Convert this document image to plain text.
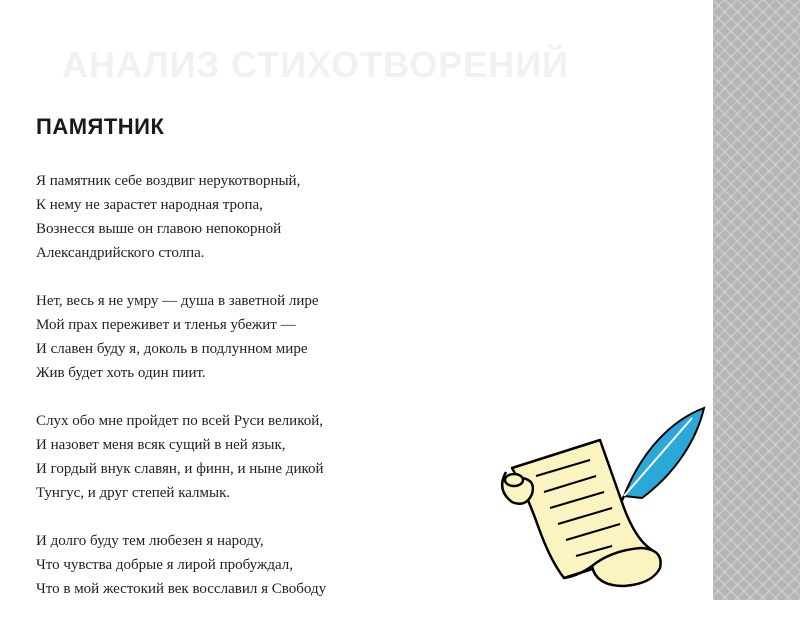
АНАЛИЗ СТИХОТВОРЕНИЙ
ПАМЯТНИК
Я памятник себе воздвиг нерукотворный,
К нему не зарастет народная тропа,
Вознесся выше он главою непокорной
Александрийского столпа.
Нет, весь я не умру — душа в заветной лире
Мой прах переживет и тленья убежит —
И славен буду я, доколь в подлунном мире
Жив будет хоть один пиит.
Слух обо мне пройдет по всей Руси великой,
И назовет меня всяк сущий в ней язык,
И гордый внук славян, и финн, и ныне дикой
Тунгус, и друг степей калмык.
И долго буду тем любезен я народу,
Что чувства добрые я лирой пробуждал,
Что в мой жестокий век восславил я Свободу
